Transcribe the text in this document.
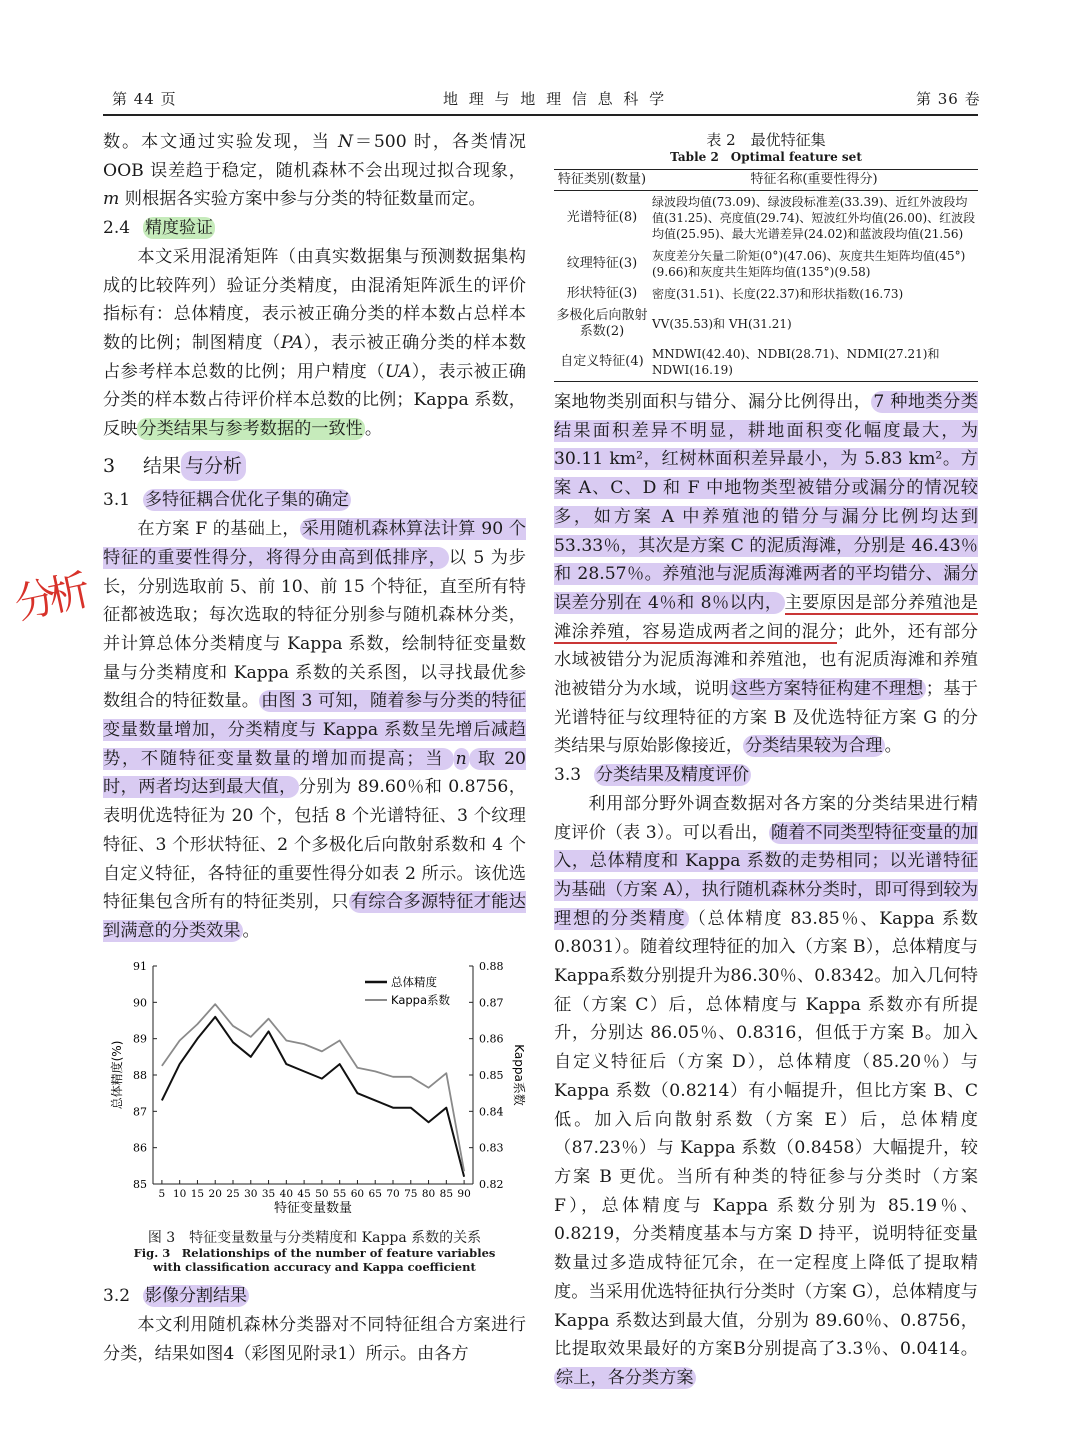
第 44 页	地 理 与 地 理 信 息 科 学	第 36 卷
分析

数。本文通过实验发现，当 N＝500 时，各类情况OOB 误差趋于稳定，随机森林不会出现过拟合现象，m 则根据各实验方案中参与分类的特征数量而定。

2.4 精度验证

本文采用混淆矩阵（由真实数据集与预测数据集构成的比较阵列）验证分类精度，由混淆矩阵派生的评价指标有：总体精度，表示被正确分类的样本数占总样本数的比例；制图精度（PA），表示被正确分类的样本数占参考样本总数的比例；用户精度（UA），表示被正确分类的样本数占待评价样本总数的比例；Kappa 系数，反映 分类结果与参考数据的一致性 。

3 结果 与分析
3.1 多特征耦合优化子集的确定

在方案 F 的基础上， 采用随机森林算法计算 90 个特征的重要性得分，将得分由高到低排序， 以 5 为步长，分别选取前 5、前 10、前 15 个特征，直至所有特征都被选取；每次选取的特征分别参与随机森林分类，并计算总体分类精度与 Kappa 系数，绘制特征变量数量与分类精度和 Kappa 系数的关系图，以寻找最优参数组合的特征数量。 由图 3 可知，随着参与分类的特征变量数量增加，分类精度与 Kappa 系数呈先增后减趋势，不随特征变量数量的增加而提高；当 n 取 20 时，两者均达到最大值， 分别为 89.60％和 0.8756，表明优选特征为 20 个，包括 8 个光谱特征、3 个纹理特征、3 个形状特征、2 个多极化后向散射系数和 4 个自定义特征，各特征的重要性得分如表 2 所示。该优选特征集包含所有的特征类别，只 有综合多源特征才能达到满意的分类效果 。

85
86
87
88
89
90
91
0.82
0.83
0.84
0.85
0.86
0.87
0.88
5 10 15 20 25 30 35 40 45 50 55 60 65 70 75 80 85 90
特征变量数量
总体精度(%)	Kappa系数
总体精度
Kappa系数
图 3　特征变量数量与分类精度和 Kappa 系数的关系
Fig. 3　Relationships of the number of feature variables
with classification accuracy and Kappa coefficient
3.2 影像分割结果

本文利用随机森林分类器对不同特征组合方案进行分类，结果如图4（彩图见附录1）所示。由各方

表 2　最优特征集
Table 2　Optimal feature set
特征类别(数量)	特征名称(重要性得分)
光谱特征(8)	绿波段均值(73.09)、绿波段标准差(33.39)、近红外波段均值(31.25)、亮度值(29.74)、短波红外均值(26.00)、红波段均值(25.95)、最大光谱差异(24.02)和蓝波段均值(21.56)
纹理特征(3)	灰度差分矢量二阶矩(0°)(47.06)、灰度共生矩阵均值(45°)(9.66)和灰度共生矩阵均值(135°)(9.58)
形状特征(3)	密度(31.51)、长度(22.37)和形状指数(16.73)
多极化后向散射系数(2)	VV(35.53)和 VH(31.21)
自定义特征(4)	MNDWI(42.40)、NDBI(28.71)、NDMI(27.21)和 NDWI(16.19)

案地物类别面积与错分、漏分比例得出， 7 种地类分类结果面积差异不明显，耕地面积变化幅度最大，为 30.11 km²，红树林面积差异最小，为 5.83 km²。方案 A、C、D 和 F 中地物类型被错分或漏分的情况较多，如方案 A 中养殖池的错分与漏分比例均达到 53.33％，其次是方案 C 的泥质海滩，分别是 46.43％和 28.57％。养殖池与泥质海滩两者的平均错分、漏分误差分别在 4％和 8％以内， 主要原因是部分养殖池是滩涂养殖，容易造成两者之间的混分；此外，还有部分水域被错分为泥质海滩和养殖池，也有泥质海滩和养殖池被错分为水域，说明 这些方案特征构建不理想 ；基于光谱特征与纹理特征的方案 B 及优选特征方案 G 的分类结果与原始影像接近， 分类结果较为合理 。

3.3 分类结果及精度评价

利用部分野外调查数据对各方案的分类结果进行精度评价（表 3）。可以看出， 随着不同类型特征变量的加入，总体精度和 Kappa 系数的走势相同；以光谱特征为基础（方案 A），执行随机森林分类时，即可得到较为理想的分类精度 （总体精度 83.85％、Kappa 系数 0.8031）。随着纹理特征的加入（方案 B），总体精度与Kappa系数分别提升为86.30％、0.8342。加入几何特征（方案 C）后，总体精度与 Kappa 系数亦有所提升，分别达 86.05％、0.8316，但低于方案 B。加入自定义特征后（方案 D），总体精度（85.20％）与 Kappa 系数（0.8214）有小幅提升，但比方案 B、C 低。加入后向散射系数（方案 E）后，总体精度（87.23％）与 Kappa 系数（0.8458）大幅提升，较方案 B 更优。当所有种类的特征参与分类时（方案 F），总体精度与 Kappa 系数分别为 85.19％、0.8219，分类精度基本与方案 D 持平，说明特征变量数量过多造成特征冗余，在一定程度上降低了提取精度。当采用优选特征执行分类时（方案 G），总体精度与 Kappa 系数达到最大值，分别为 89.60％、0.8756，比提取效果最好的方案B分别提高了3.3％、0.0414。综上，各分类方案
